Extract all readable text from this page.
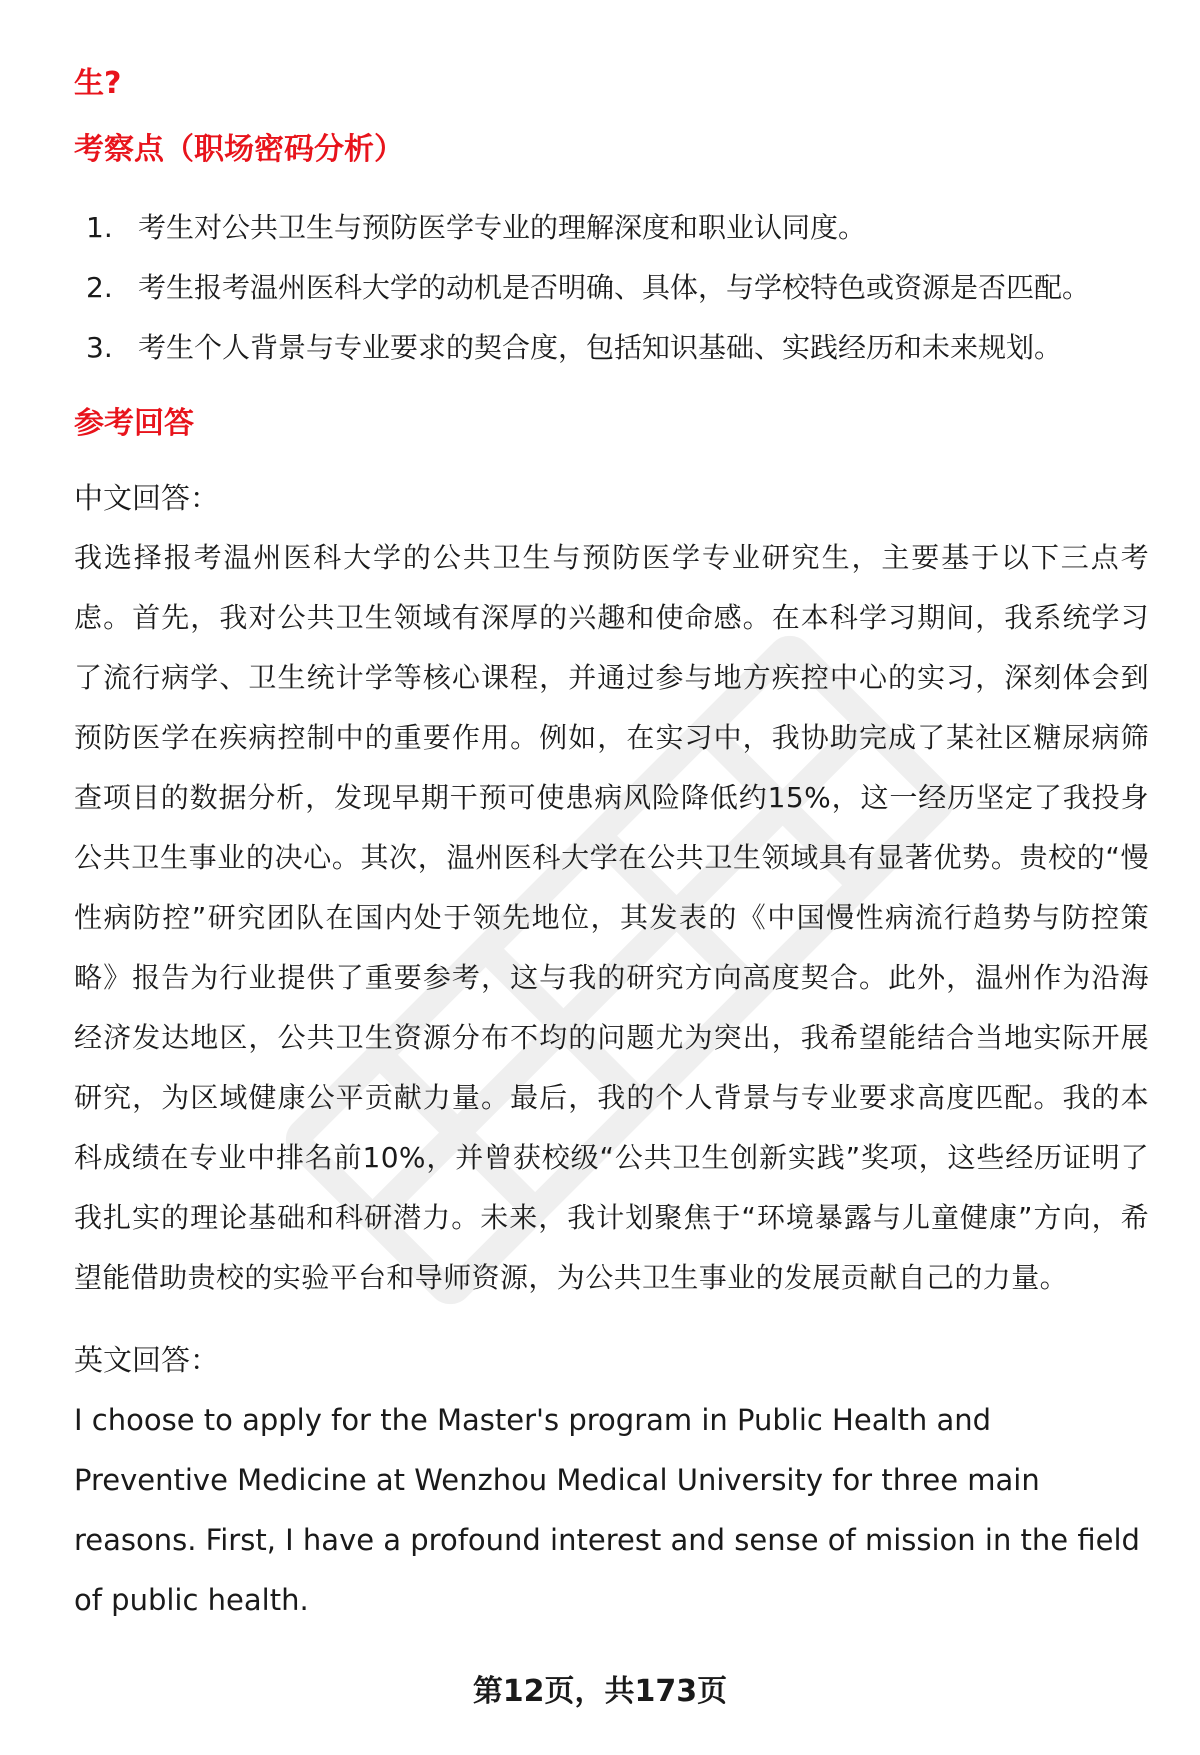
生?
考察点（职场密码分析）
1. 考生对公共卫生与预防医学专业的理解深度和职业认同度。
2. 考生报考温州医科大学的动机是否明确、具体，与学校特色或资源是否匹配。
3. 考生个人背景与专业要求的契合度，包括知识基础、实践经历和未来规划。
参考回答

中文回答：

我选择报考温州医科大学的公共卫生与预防医学专业研究生，主要基于以下三点考虑。首先，我对公共卫生领域有深厚的兴趣和使命感。在本科学习期间，我系统学习了流行病学、卫生统计学等核心课程，并通过参与地方疾控中心的实习，深刻体会到预防医学在疾病控制中的重要作用。例如，在实习中，我协助完成了某社区糖尿病筛查项目的数据分析，发现早期干预可使患病风险降低约15%，这一经历坚定了我投身公共卫生事业的决心。其次，温州医科大学在公共卫生领域具有显著优势。贵校的“慢性病防控”研究团队在国内处于领先地位，其发表的《中国慢性病流行趋势与防控策略》报告为行业提供了重要参考，这与我的研究方向高度契合。此外，温州作为沿海经济发达地区，公共卫生资源分布不均的问题尤为突出，我希望能结合当地实际开展研究，为区域健康公平贡献力量。最后，我的个人背景与专业要求高度匹配。我的本科成绩在专业中排名前10%，并曾获校级“公共卫生创新实践”奖项，这些经历证明了我扎实的理论基础和科研潜力。未来，我计划聚焦于“环境暴露与儿童健康”方向，希望能借助贵校的实验平台和导师资源，为公共卫生事业的发展贡献自己的力量。

英文回答：

I choose to apply for the Master's program in Public Health and Preventive Medicine at Wenzhou Medical University for three main reasons. First, I have a profound interest and sense of mission in the field of public health.

第12页，共173页
